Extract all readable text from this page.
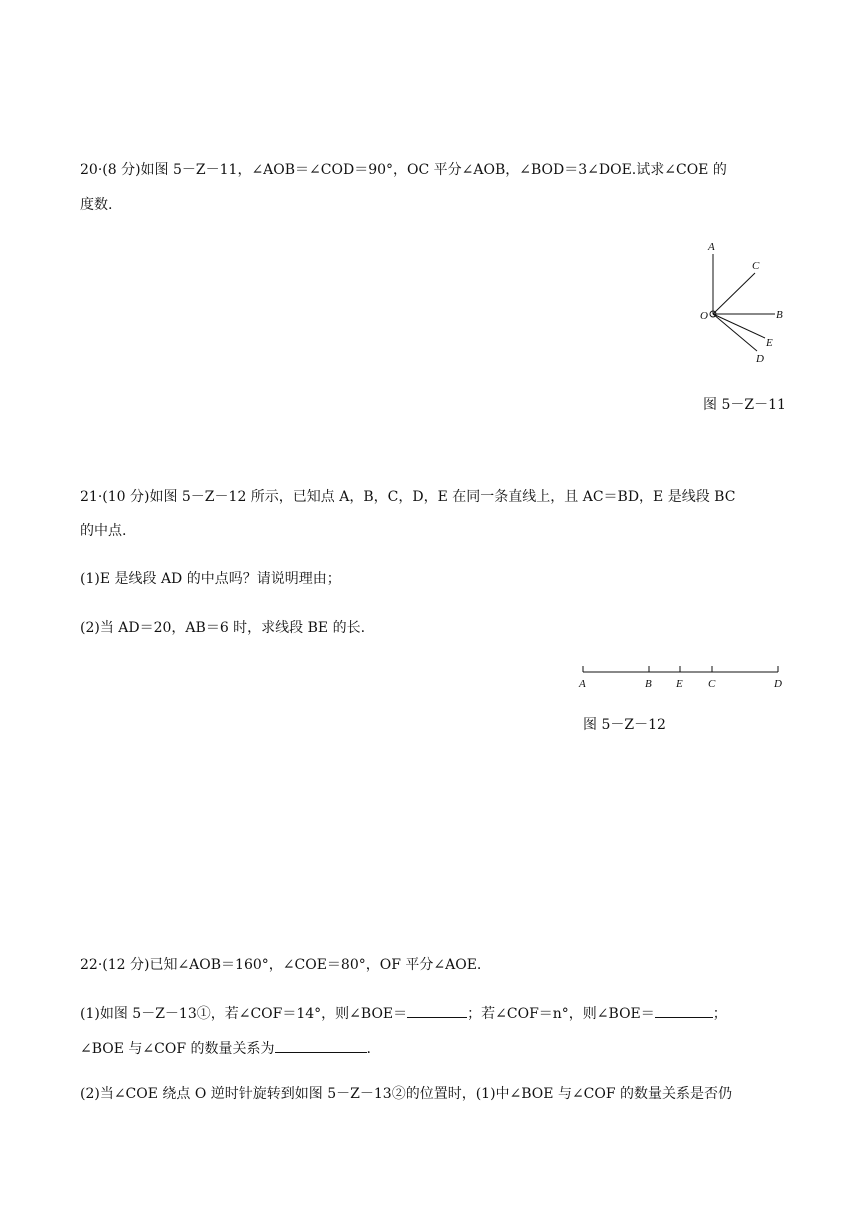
20·(8 分)如图 5－Z－11，∠AOB＝∠COD＝90°，OC 平分∠AOB，∠BOD＝3∠DOE.试求∠COE 的
度数.
A
C
O	B
E
D
图 5－Z－11
21·(10 分)如图 5－Z－12 所示，已知点 A，B，C，D，E 在同一条直线上，且 AC＝BD，E 是线段 BC
的中点.
(1)E 是线段 AD 的中点吗？请说明理由；
(2)当 AD＝20，AB＝6 时，求线段 BE 的长.
A	B E C	D
图 5－Z－12
22·(12 分)已知∠AOB＝160°，∠COE＝80°，OF 平分∠AOE.
(1)如图 5－Z－13①，若∠COF＝14°，则∠BOE＝	；若∠COF＝n°，则∠BOE＝	；
∠BOE 与∠COF 的数量关系为	.
(2)当∠COE 绕点 O 逆时针旋转到如图 5－Z－13②的位置时，(1)中∠BOE 与∠COF 的数量关系是否仍
